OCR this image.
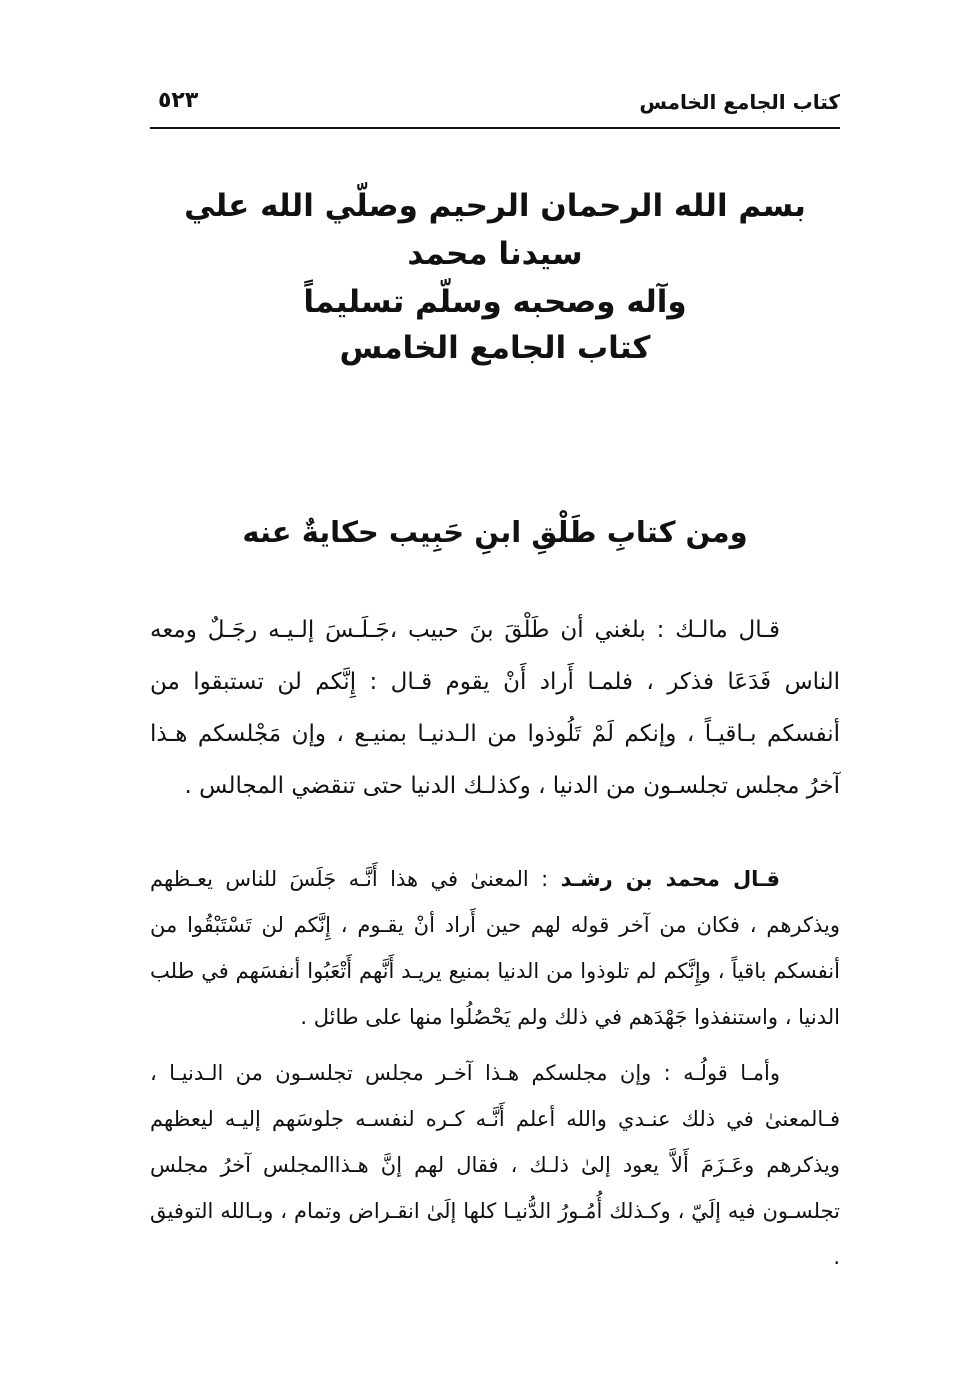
كتاب الجامع الخامس
٥٢٣
بسم الله الرحمان الرحيم وصلّي الله علي سيدنا محمد
وآله وصحبه وسلّم تسليماً
كتاب الجامع الخامس
ومن كتابِ طَلْقِ ابنِ حَبِيب حكايةٌ عنه
قـال مالـك : بلغني أن طَلْقَ بنَ حبيب ،جَـلَـسَ إلـيـه رجَـلٌ ومعه الناس فَدَعَا فذكر ، فلمـا أَراد أَنْ يقوم قـال : إِنَّكم لن تستبقوا من أنفسكم بـاقيـاً ، وإنكم لَمْ تَلُوذوا من الـدنيـا بمنيـع ، وإن مَجْلسكم هـذا آخرُ مجلس تجلسـون من الدنيا ، وكذلـك الدنيا حتى تنقضي المجالس .
قـال محمد بن رشـد : المعنىٰ في هذا أَنَّـه جَلَسَ للناس يعـظهم ويذكرهم ، فكان من آخر قوله لهم حين أَراد أنْ يقـوم ، إِنَّكم لن تَسْتَبْقُوا من أنفسكم باقياً ، وإِنَّكم لم تلوذوا من الدنيا بمنيع يريـد أَنَّهم أَتْعَبُوا أنفسَهم في طلب الدنيا ، واستنفذوا جَهْدَهم في ذلك ولم يَحْصُلُوا منها على طائل .
وأمـا قولُـه : وإن مجلسكم هـذا آخـر مجلس تجلسـون من الـدنيـا ، فـالمعنىٰ في ذلك عنـدي والله أعلم أَنَّـه كـره لنفسـه جلوسَهم إليـه ليعظهم ويذكرهم وعَـزَمَ أَلاَّ يعود إلىٰ ذلـك ، فقال لهم إنَّ هـذاالمجلس آخرُ مجلس تجلسـون فيه إلَيّ ، وكـذلك أُمُـورُ الدُّنيـا كلها إلَىٰ انقـراض وتمام ، وبـالله التوفيق .
